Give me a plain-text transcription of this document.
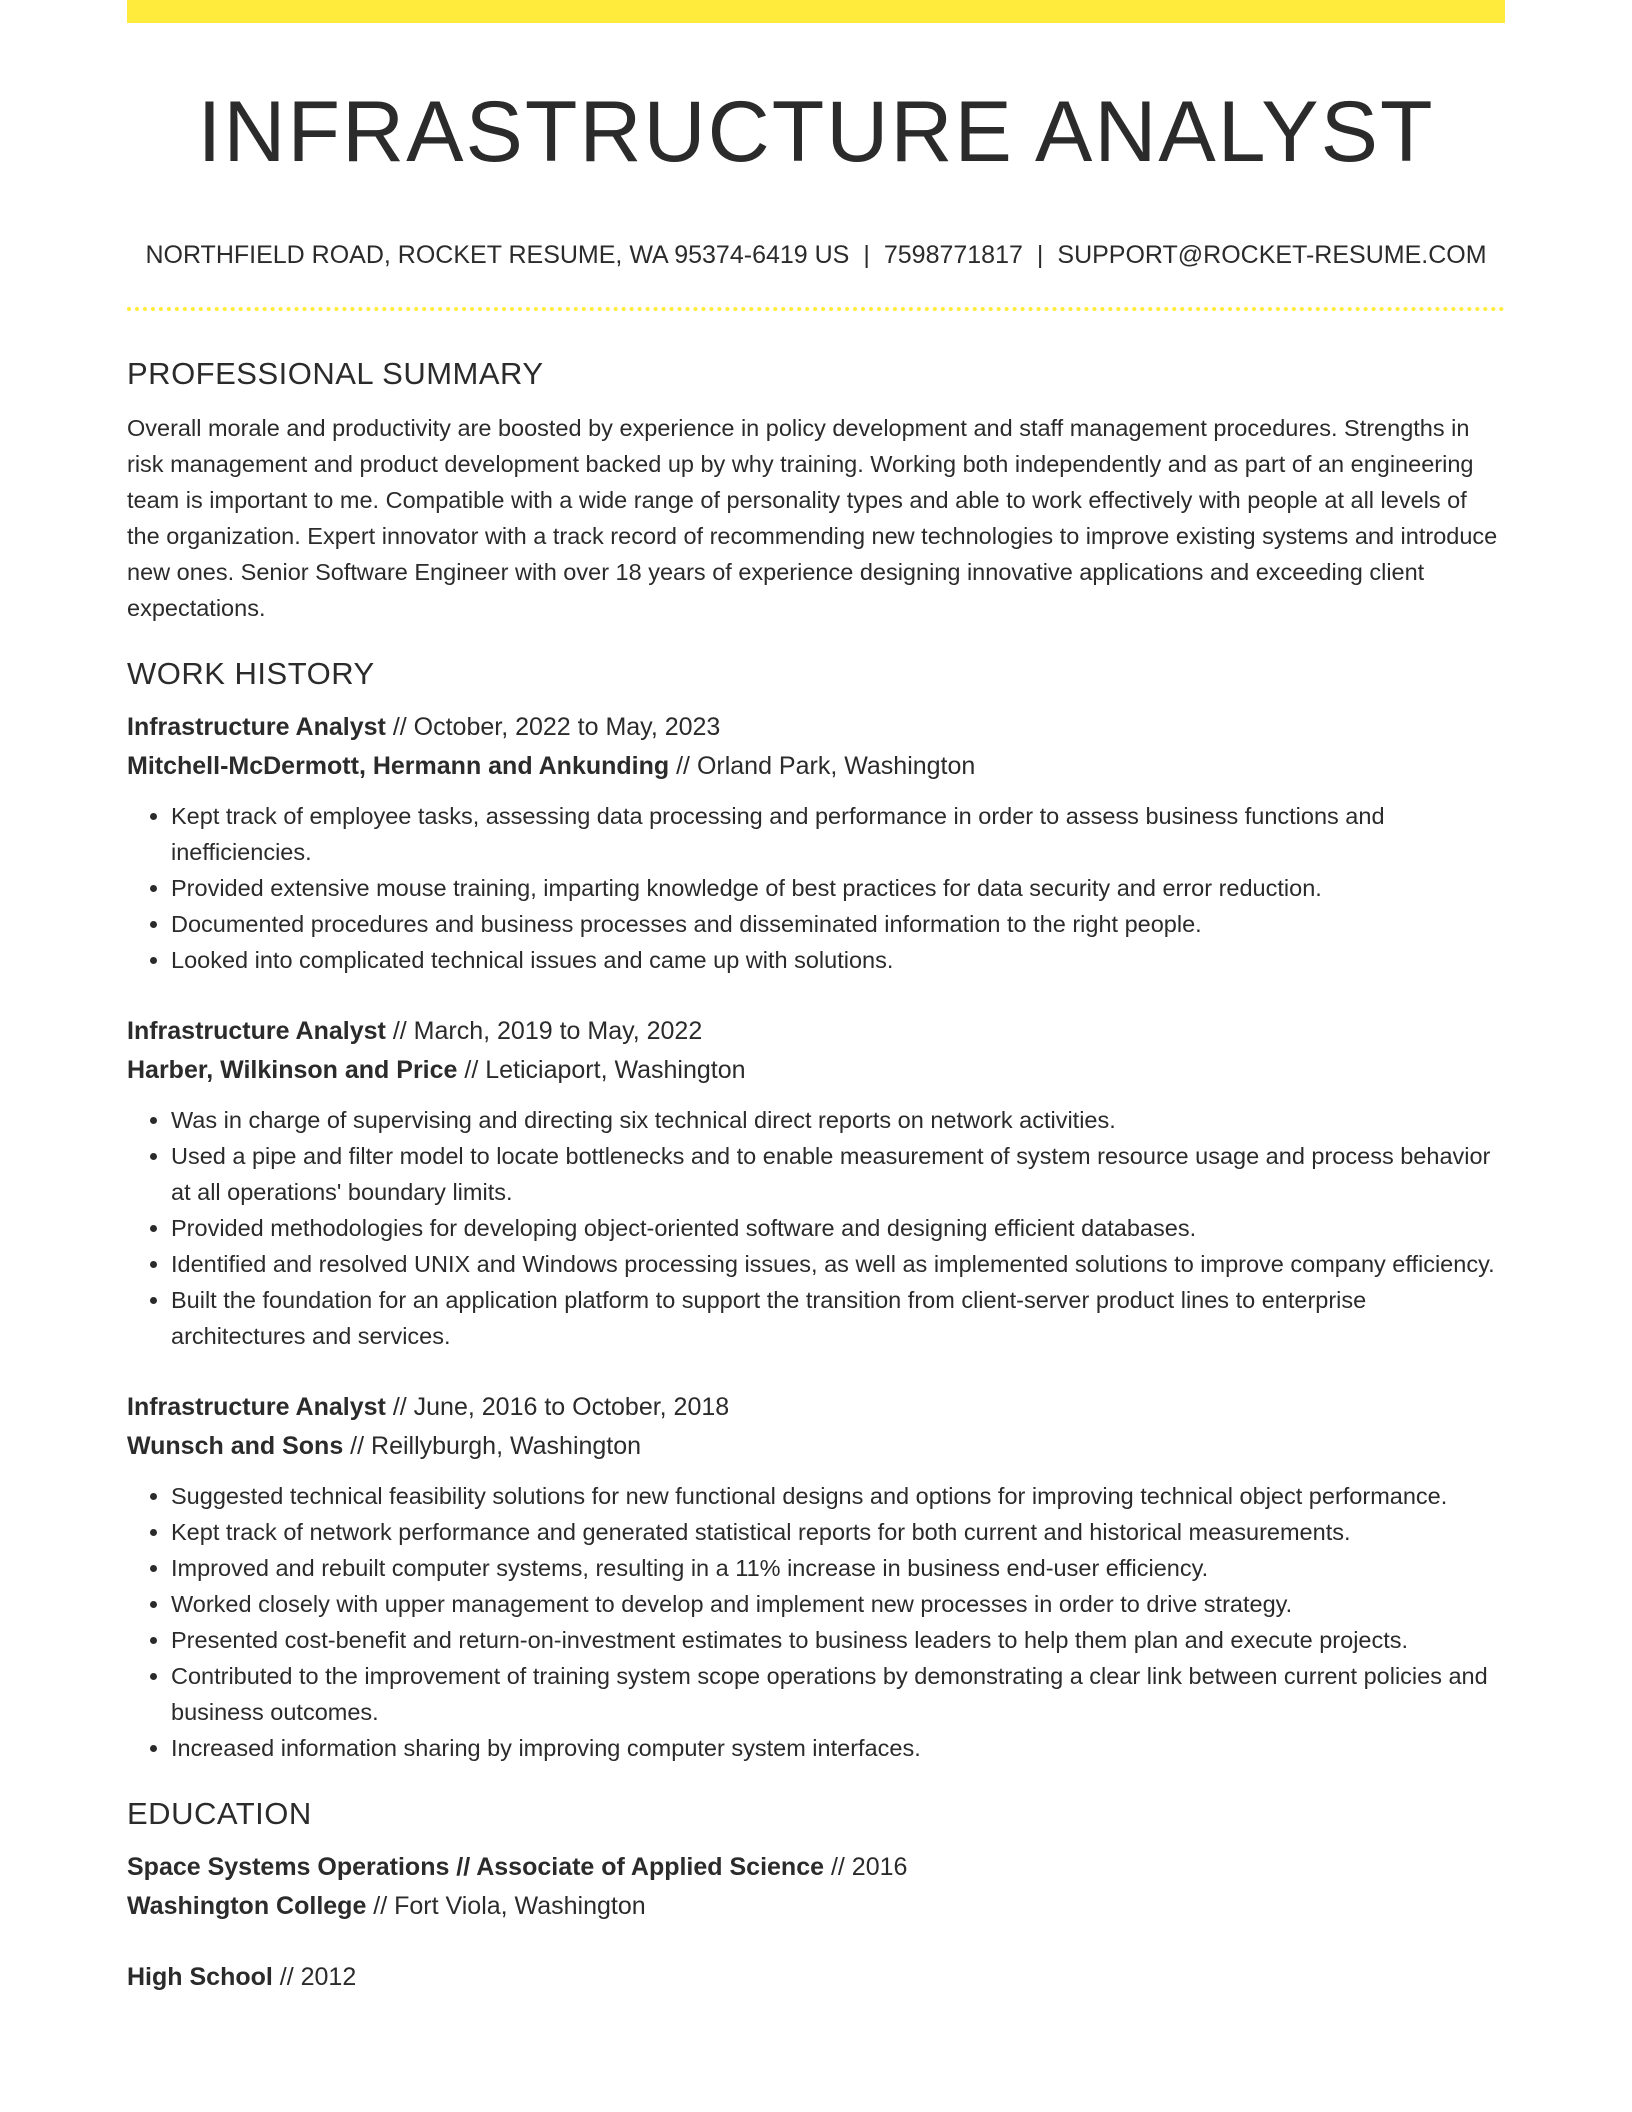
INFRASTRUCTURE ANALYST
NORTHFIELD ROAD, ROCKET RESUME, WA 95374-6419 US | 7598771817 | SUPPORT@ROCKET-RESUME.COM
PROFESSIONAL SUMMARY

Overall morale and productivity are boosted by experience in policy development and staff management procedures. Strengths in risk management and product development backed up by why training. Working both independently and as part of an engineering team is important to me. Compatible with a wide range of personality types and able to work effectively with people at all levels of the organization. Expert innovator with a track record of recommending new technologies to improve existing systems and introduce new ones. Senior Software Engineer with over 18 years of experience designing innovative applications and exceeding client expectations.

WORK HISTORY
Infrastructure Analyst // October, 2022 to May, 2023
Mitchell-McDermott, Hermann and Ankunding // Orland Park, Washington
• Kept track of employee tasks, assessing data processing and performance in order to assess business functions and inefficiencies.
• Provided extensive mouse training, imparting knowledge of best practices for data security and error reduction.
• Documented procedures and business processes and disseminated information to the right people.
• Looked into complicated technical issues and came up with solutions.
Infrastructure Analyst // March, 2019 to May, 2022
Harber, Wilkinson and Price // Leticiaport, Washington
• Was in charge of supervising and directing six technical direct reports on network activities.
• Used a pipe and filter model to locate bottlenecks and to enable measurement of system resource usage and process behavior at all operations' boundary limits.
• Provided methodologies for developing object-oriented software and designing efficient databases.
• Identified and resolved UNIX and Windows processing issues, as well as implemented solutions to improve company efficiency.
• Built the foundation for an application platform to support the transition from client-server product lines to enterprise architectures and services.
Infrastructure Analyst // June, 2016 to October, 2018
Wunsch and Sons // Reillyburgh, Washington
• Suggested technical feasibility solutions for new functional designs and options for improving technical object performance.
• Kept track of network performance and generated statistical reports for both current and historical measurements.
• Improved and rebuilt computer systems, resulting in a 11% increase in business end-user efficiency.
• Worked closely with upper management to develop and implement new processes in order to drive strategy.
• Presented cost-benefit and return-on-investment estimates to business leaders to help them plan and execute projects.
• Contributed to the improvement of training system scope operations by demonstrating a clear link between current policies and business outcomes.
• Increased information sharing by improving computer system interfaces.
EDUCATION
Space Systems Operations // Associate of Applied Science // 2016
Washington College // Fort Viola, Washington
High School // 2012
